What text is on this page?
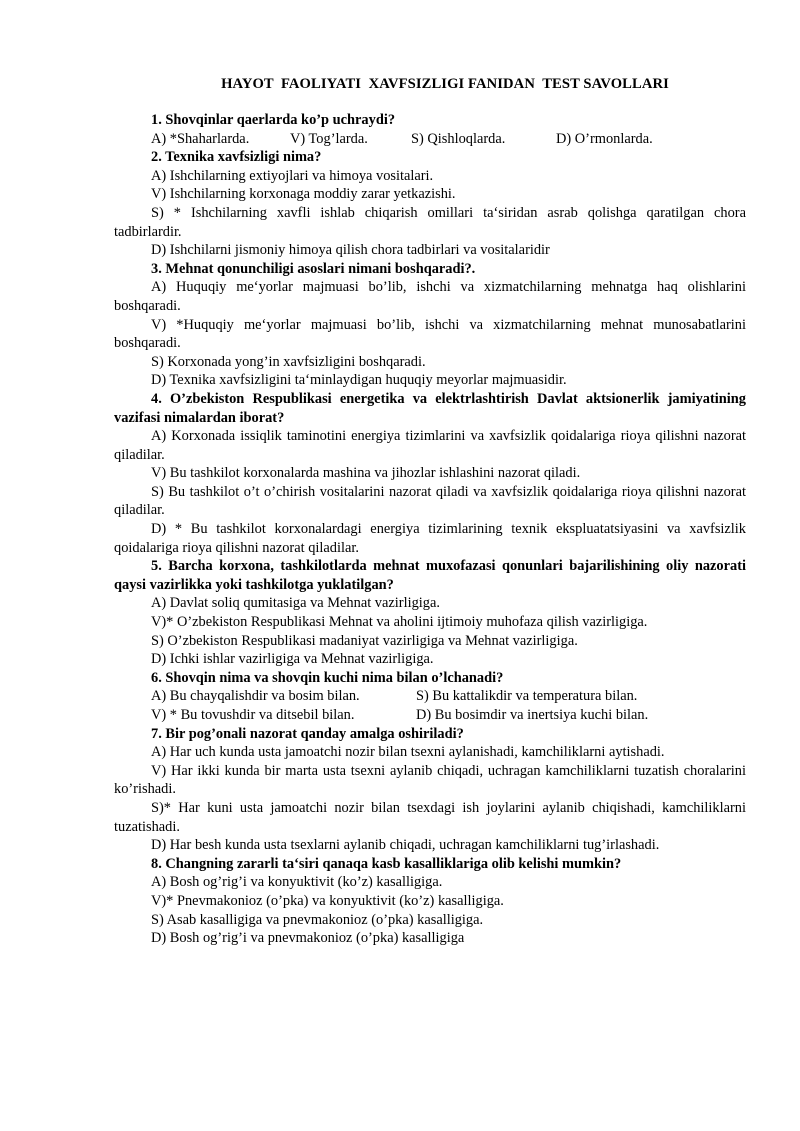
HAYOT  FAOLIYATI  XAVFSIZLIGI FANIDAN  TEST SAVOLLARI
1. Shovqinlar qaerlarda ko’p uchraydi?
A) *Shaharlarda.	V) Tog’larda.	S) Qishloqlarda.	D) O’rmonlarda.
2. Texnika xavfsizligi nima?
A) Ishchilarning extiyojlari va himoya vositalari.
V) Ishchilarning korxonaga moddiy zarar yetkazishi.
S) * Ishchilarning xavfli ishlab chiqarish omillari ta‘siridan asrab qolishga qaratilgan chora tadbirlardir.
D) Ishchilarni jismoniy himoya qilish chora tadbirlari va vositalaridir
3. Mehnat qonunchiligi asoslari nimani boshqaradi?.
A) Huquqiy me‘yorlar majmuasi bo’lib, ishchi va xizmatchilarning mehnatga haq olishlarini boshqaradi.
V) *Huquqiy me‘yorlar majmuasi bo’lib, ishchi va xizmatchilarning mehnat munosabatlarini boshqaradi.
S) Korxonada yong’in xavfsizligini boshqaradi.
D) Texnika xavfsizligini ta‘minlaydigan huquqiy meyorlar majmuasidir.
4. O’zbekiston Respublikasi energetika va elektrlashtirish Davlat aktsionerlik jamiyatining vazifasi nimalardan iborat?
A) Korxonada issiqlik taminotini energiya tizimlarini va xavfsizlik qoidalariga rioya qilishni nazorat qiladilar.
V) Bu tashkilot korxonalarda mashina va jihozlar ishlashini nazorat qiladi.
S) Bu tashkilot o’t o’chirish vositalarini nazorat qiladi va xavfsizlik qoidalariga rioya qilishni nazorat qiladilar.
D) * Bu tashkilot korxonalardagi energiya tizimlarining texnik ekspluatatsiyasini va xavfsizlik qoidalariga rioya qilishni nazorat qiladilar.
5. Barcha korxona, tashkilotlarda mehnat muxofazasi qonunlari bajarilishining oliy nazorati qaysi vazirlikka yoki tashkilotga yuklatilgan?
A) Davlat soliq qumitasiga va Mehnat vazirligiga.
V)* O’zbekiston Respublikasi Mehnat va aholini ijtimoiy muhofaza qilish vazirligiga.
S) O’zbekiston Respublikasi madaniyat vazirligiga va Mehnat vazirligiga.
D) Ichki ishlar vazirligiga va Mehnat vazirligiga.
6. Shovqin nima va shovqin kuchi nima bilan o’lchanadi?
A) Bu chayqalishdir va bosim bilan.	S) Bu kattalikdir va temperatura bilan.
V) * Bu tovushdir va ditsebil bilan.	D) Bu bosimdir va inertsiya kuchi bilan.
7. Bir pog’onali nazorat qanday amalga oshiriladi?
A) Har uch kunda usta jamoatchi nozir bilan tsexni aylanishadi, kamchiliklarni aytishadi.
V) Har ikki kunda bir marta usta tsexni aylanib chiqadi, uchragan kamchiliklarni tuzatish choralarini ko’rishadi.
S)* Har kuni usta jamoatchi nozir bilan tsexdagi ish joylarini aylanib chiqishadi, kamchiliklarni tuzatishadi.
D) Har besh kunda usta tsexlarni aylanib chiqadi, uchragan kamchiliklarni tug’irlashadi.
8. Changning zararli ta‘siri qanaqa kasb kasalliklariga olib kelishi mumkin?
A) Bosh og’rig’i va konyuktivit (ko’z) kasalligiga.
V)* Pnevmakonioz (o’pka) va konyuktivit (ko’z) kasalligiga.
S) Asab kasalligiga va pnevmakonioz (o’pka) kasalligiga.
D) Bosh og’rig’i va pnevmakonioz (o’pka) kasalligiga
